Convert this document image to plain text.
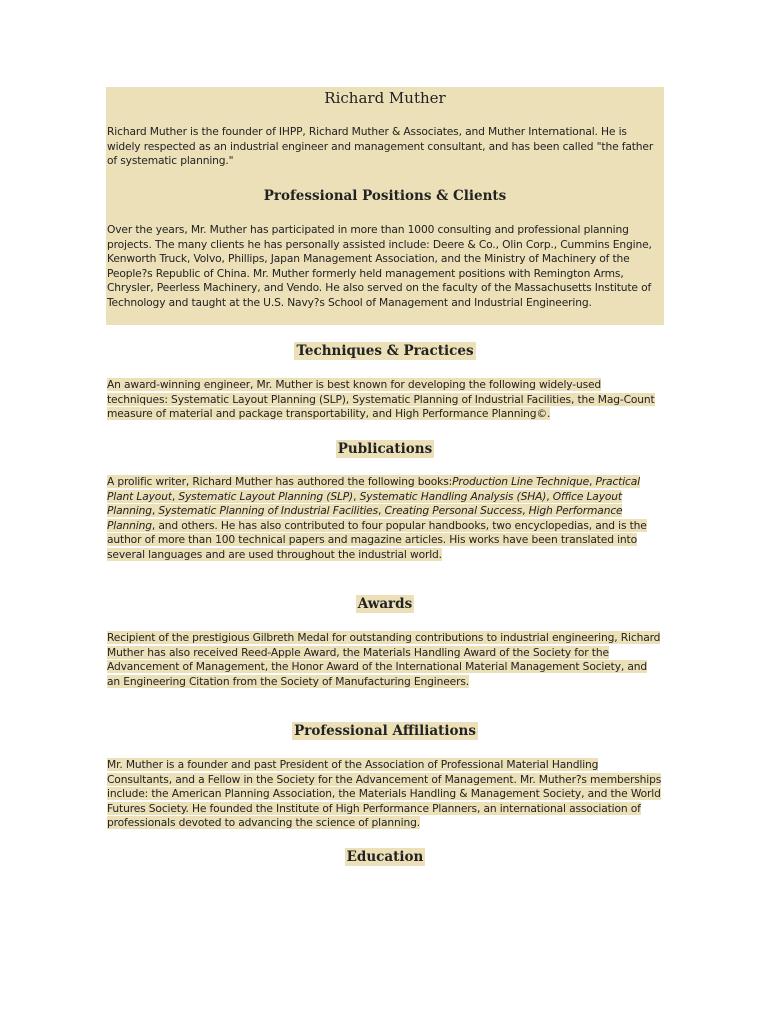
Richard Muther

Richard Muther is the founder of IHPP, Richard Muther & Associates, and Muther International. He is widely respected as an industrial engineer and management consultant, and has been called "the father of systematic planning."

Professional Positions & Clients

Over the years, Mr. Muther has participated in more than 1000 consulting and professional planning projects. The many clients he has personally assisted include: Deere & Co., Olin Corp., Cummins Engine, Kenworth Truck, Volvo, Phillips, Japan Management Association, and the Ministry of Machinery of the People?s Republic of China. Mr. Muther formerly held management positions with Remington Arms, Chrysler, Peerless Machinery, and Vendo. He also served on the faculty of the Massachusetts Institute of Technology and taught at the U.S. Navy?s School of Management and Industrial Engineering.

Techniques & Practices

An award-winning engineer, Mr. Muther is best known for developing the following widely-used techniques: Systematic Layout Planning (SLP), Systematic Planning of Industrial Facilities, the Mag-Count measure of material and package transportability, and High Performance Planning©.

Publications

A prolific writer, Richard Muther has authored the following books:Production Line Technique, Practical Plant Layout, Systematic Layout Planning (SLP), Systematic Handling Analysis (SHA), Office Layout Planning, Systematic Planning of Industrial Facilities, Creating Personal Success, High Performance Planning, and others. He has also contributed to four popular handbooks, two encyclopedias, and is the author of more than 100 technical papers and magazine articles. His works have been translated into several languages and are used throughout the industrial world.

Awards

Recipient of the prestigious Gilbreth Medal for outstanding contributions to industrial engineering, Richard Muther has also received Reed-Apple Award, the Materials Handling Award of the Society for the Advancement of Management, the Honor Award of the International Material Management Society, and an Engineering Citation from the Society of Manufacturing Engineers.

Professional Affiliations

Mr. Muther is a founder and past President of the Association of Professional Material Handling Consultants, and a Fellow in the Society for the Advancement of Management. Mr. Muther?s memberships include: the American Planning Association, the Materials Handling & Management Society, and the World Futures Society. He founded the Institute of High Performance Planners, an international association of professionals devoted to advancing the science of planning.

Education
